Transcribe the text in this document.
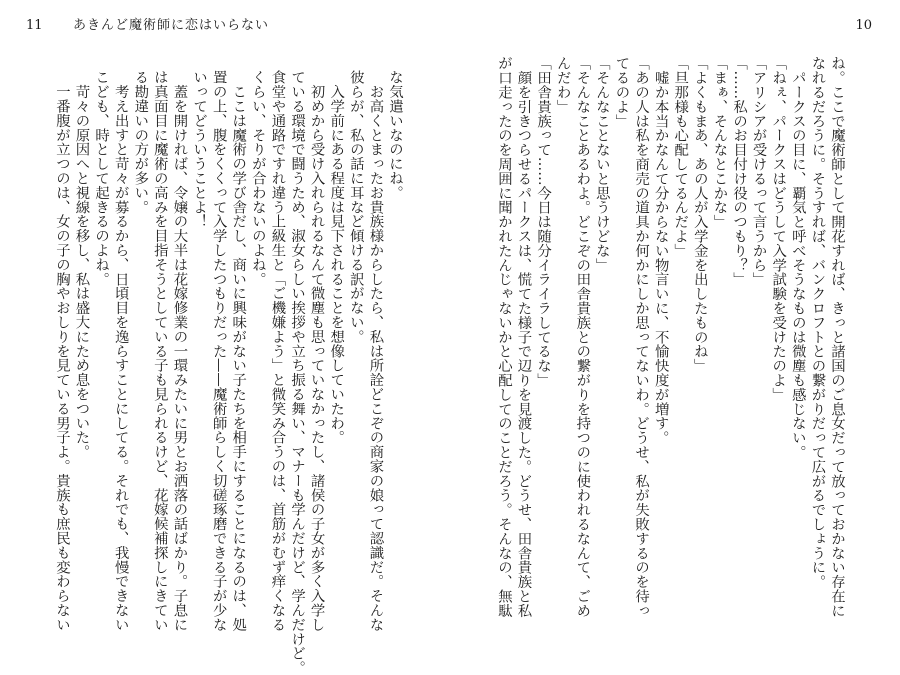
11 あきんど魔術師に恋はいらない	10
ね。ここで魔術師として開花すれば、きっと諸国のご息女だって放っておかない存在に
なれるだろうに。そうすれば、バンクロフトとの繋がりだって広がるでしょうに。
　パークスの目に、覇気と呼べそうなものは微塵も感じない。
「ねぇ、パークスはどうして入学試験を受けたのよ」
「アリシアが受けるって言うから」
「……私のお目付け役のつもり？」
「まぁ、そんなとこかな」
「よくもまあ、あの人が入学金を出したものね」
「旦那様も心配してるんだよ」
　嘘か本当かなんて分からない物言いに、不愉快度が増す。
「あの人は私を商売の道具か何かにしか思ってないわ。どうせ、私が失敗するのを待っ
てるのよ」
「そんなことないと思うけどな」
「そんなことあるわよ。どこぞの田舎貴族との繋がりを持つのに使われるなんて、ごめ
んだわ」
「田舎貴族って……今日は随分イライラしてるな」
　顔を引きつらせるパークスは、慌てた様子で辺りを見渡した。どうせ、田舎貴族と私
が口走ったのを周囲に聞かれたんじゃないかと心配してのことだろう。そんなの、無駄
な気遣いなのにね。
　お高くとまったお貴族様からしたら、私は所詮どこぞの商家の娘って認識だ。そんな
彼らが、私の話に耳など傾ける訳がない。
　入学前にある程度は見下されることを想像していたわ。
　初めから受け入れられるなんて微塵も思っていなかったし、諸侯の子女が多く入学し
ている環境で闘うため、淑女らしい挨拶や立ち振る舞い、マナーも学んだけど、学んだけど。
食堂や通路ですれ違う上級生と「ご機嫌よう」と微笑み合うのは、首筋がむず痒くなる
くらい、そりが合わないのよね。
　ここは魔術の学び舎だし、商いに興味がない子たちを相手にすることになるのは、処
置の上、腹をくくって入学したつもりだった——魔術師らしく切磋琢磨できる子が少な
いってどういうことよ！
　蓋を開ければ、令嬢の大半は花嫁修業の一環みたいに男とお洒落の話ばかり。子息に
は真面目に魔術の高みを目指そうとしている子も見られるけど、花嫁候補探しにきてい
る勘違いの方が多い。
　考え出すと苛々が募るから、日頃目を逸らすことにしてる。それでも、我慢できない
こども、時として起きるのよね。
　苛々の原因へと視線を移し、私は盛大にため息をついた。
　一番腹が立つのは、女の子の胸やおしりを見ている男子よ。貴族も庶民も変わらない
